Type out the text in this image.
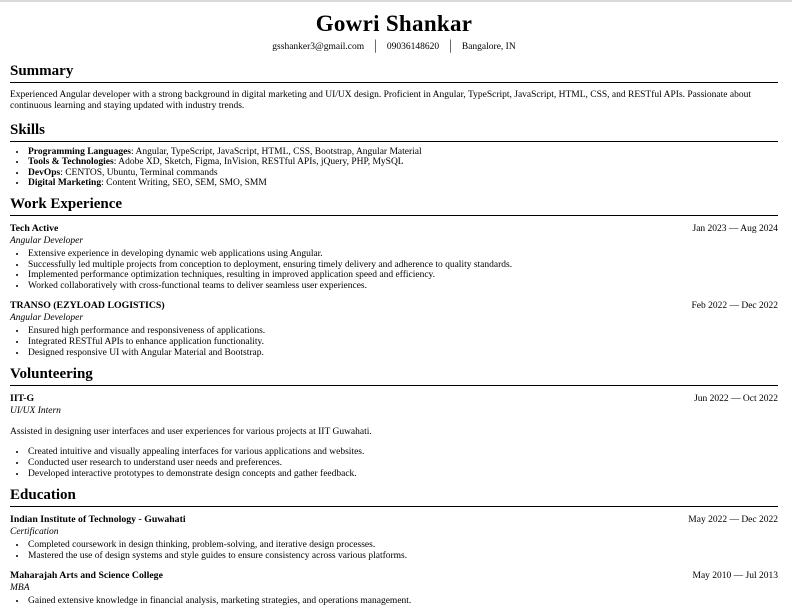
Gowri Shankar
gsshanker3@gmail.com │ 09036148620 │ Bangalore, IN
Summary

Experienced Angular developer with a strong background in digital marketing and UI/UX design. Proficient in Angular, TypeScript, JavaScript, HTML, CSS, and RESTful APIs. Passionate about continuous learning and staying updated with industry trends.

Skills
• Programming Languages: Angular, TypeScript, JavaScript, HTML, CSS, Bootstrap, Angular Material
• Tools & Technologies: Adobe XD, Sketch, Figma, InVision, RESTful APIs, jQuery, PHP, MySQL
• DevOps: CENTOS, Ubuntu, Terminal commands
• Digital Marketing: Content Writing, SEO, SEM, SMO, SMM
Work Experience
Tech Active	Jan 2023 — Aug 2024
Angular Developer
• Extensive experience in developing dynamic web applications using Angular.
• Successfully led multiple projects from conception to deployment, ensuring timely delivery and adherence to quality standards.
• Implemented performance optimization techniques, resulting in improved application speed and efficiency.
• Worked collaboratively with cross-functional teams to deliver seamless user experiences.
TRANSO (EZYLOAD LOGISTICS)	Feb 2022 — Dec 2022
Angular Developer
• Ensured high performance and responsiveness of applications.
• Integrated RESTful APIs to enhance application functionality.
• Designed responsive UI with Angular Material and Bootstrap.
Volunteering
IIT-G	Jun 2022 — Oct 2022
UI/UX Intern

Assisted in designing user interfaces and user experiences for various projects at IIT Guwahati.

• Created intuitive and visually appealing interfaces for various applications and websites.
• Conducted user research to understand user needs and preferences.
• Developed interactive prototypes to demonstrate design concepts and gather feedback.
Education
Indian Institute of Technology - Guwahati	May 2022 — Dec 2022
Certification
• Completed coursework in design thinking, problem-solving, and iterative design processes.
• Mastered the use of design systems and style guides to ensure consistency across various platforms.
Maharajah Arts and Science College	May 2010 — Jul 2013
MBA
• Gained extensive knowledge in financial analysis, marketing strategies, and operations management.
